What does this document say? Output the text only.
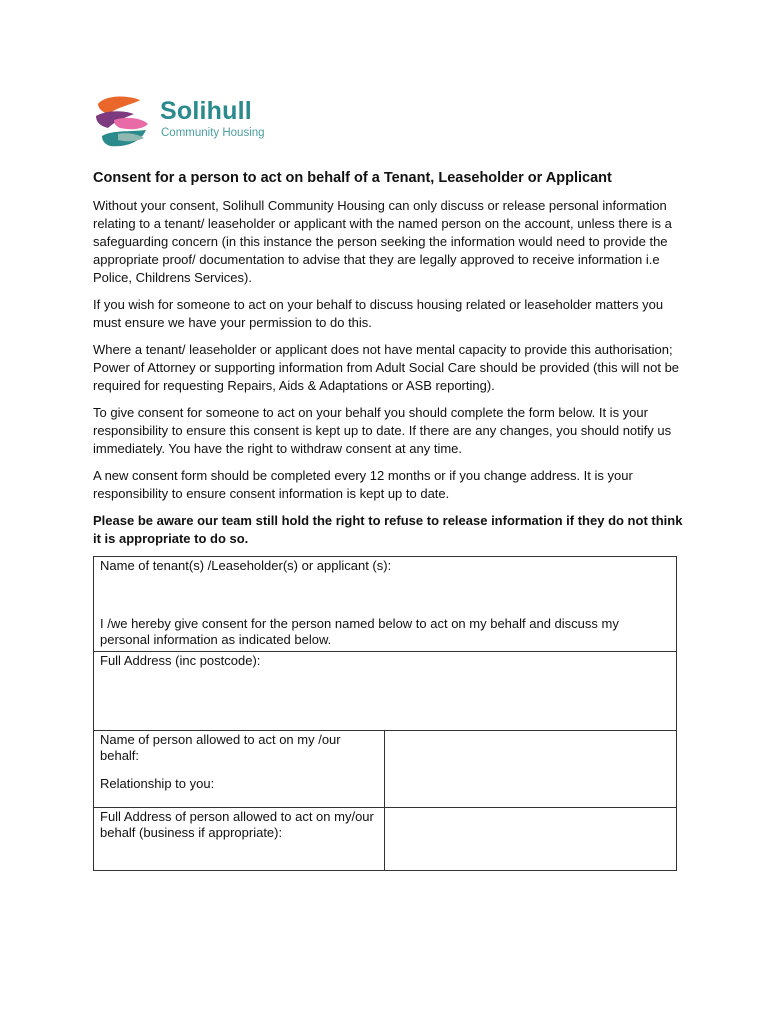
Solihull
Community Housing
Consent for a person to act on behalf of a Tenant, Leaseholder or Applicant

Without your consent, Solihull Community Housing can only discuss or release personal information relating to a tenant/ leaseholder or applicant with the named person on the account, unless there is a safeguarding concern (in this instance the person seeking the information would need to provide the appropriate proof/ documentation to advise that they are legally approved to receive information i.e Police, Childrens Services).

If you wish for someone to act on your behalf to discuss housing related or leaseholder matters you must ensure we have your permission to do this.

Where a tenant/ leaseholder or applicant does not have mental capacity to provide this authorisation; Power of Attorney or supporting information from Adult Social Care should be provided (this will not be required for requesting Repairs, Aids & Adaptations or ASB reporting).

To give consent for someone to act on your behalf you should complete the form below. It is your responsibility to ensure this consent is kept up to date. If there are any changes, you should notify us immediately. You have the right to withdraw consent at any time.

A new consent form should be completed every 12 months or if you change address. It is your responsibility to ensure consent information is kept up to date.

Please be aware our team still hold the right to refuse to release information if they do not think it is appropriate to do so.

Name of tenant(s) /Leaseholder(s) or applicant (s):
I /we hereby give consent for the person named below to act on my behalf and discuss my personal information as indicated below.	

Full Address (inc postcode):	

Name of person allowed to act on my /our behalf:
Relationship to you:	

Full Address of person allowed to act on my/our behalf (business if appropriate):	
